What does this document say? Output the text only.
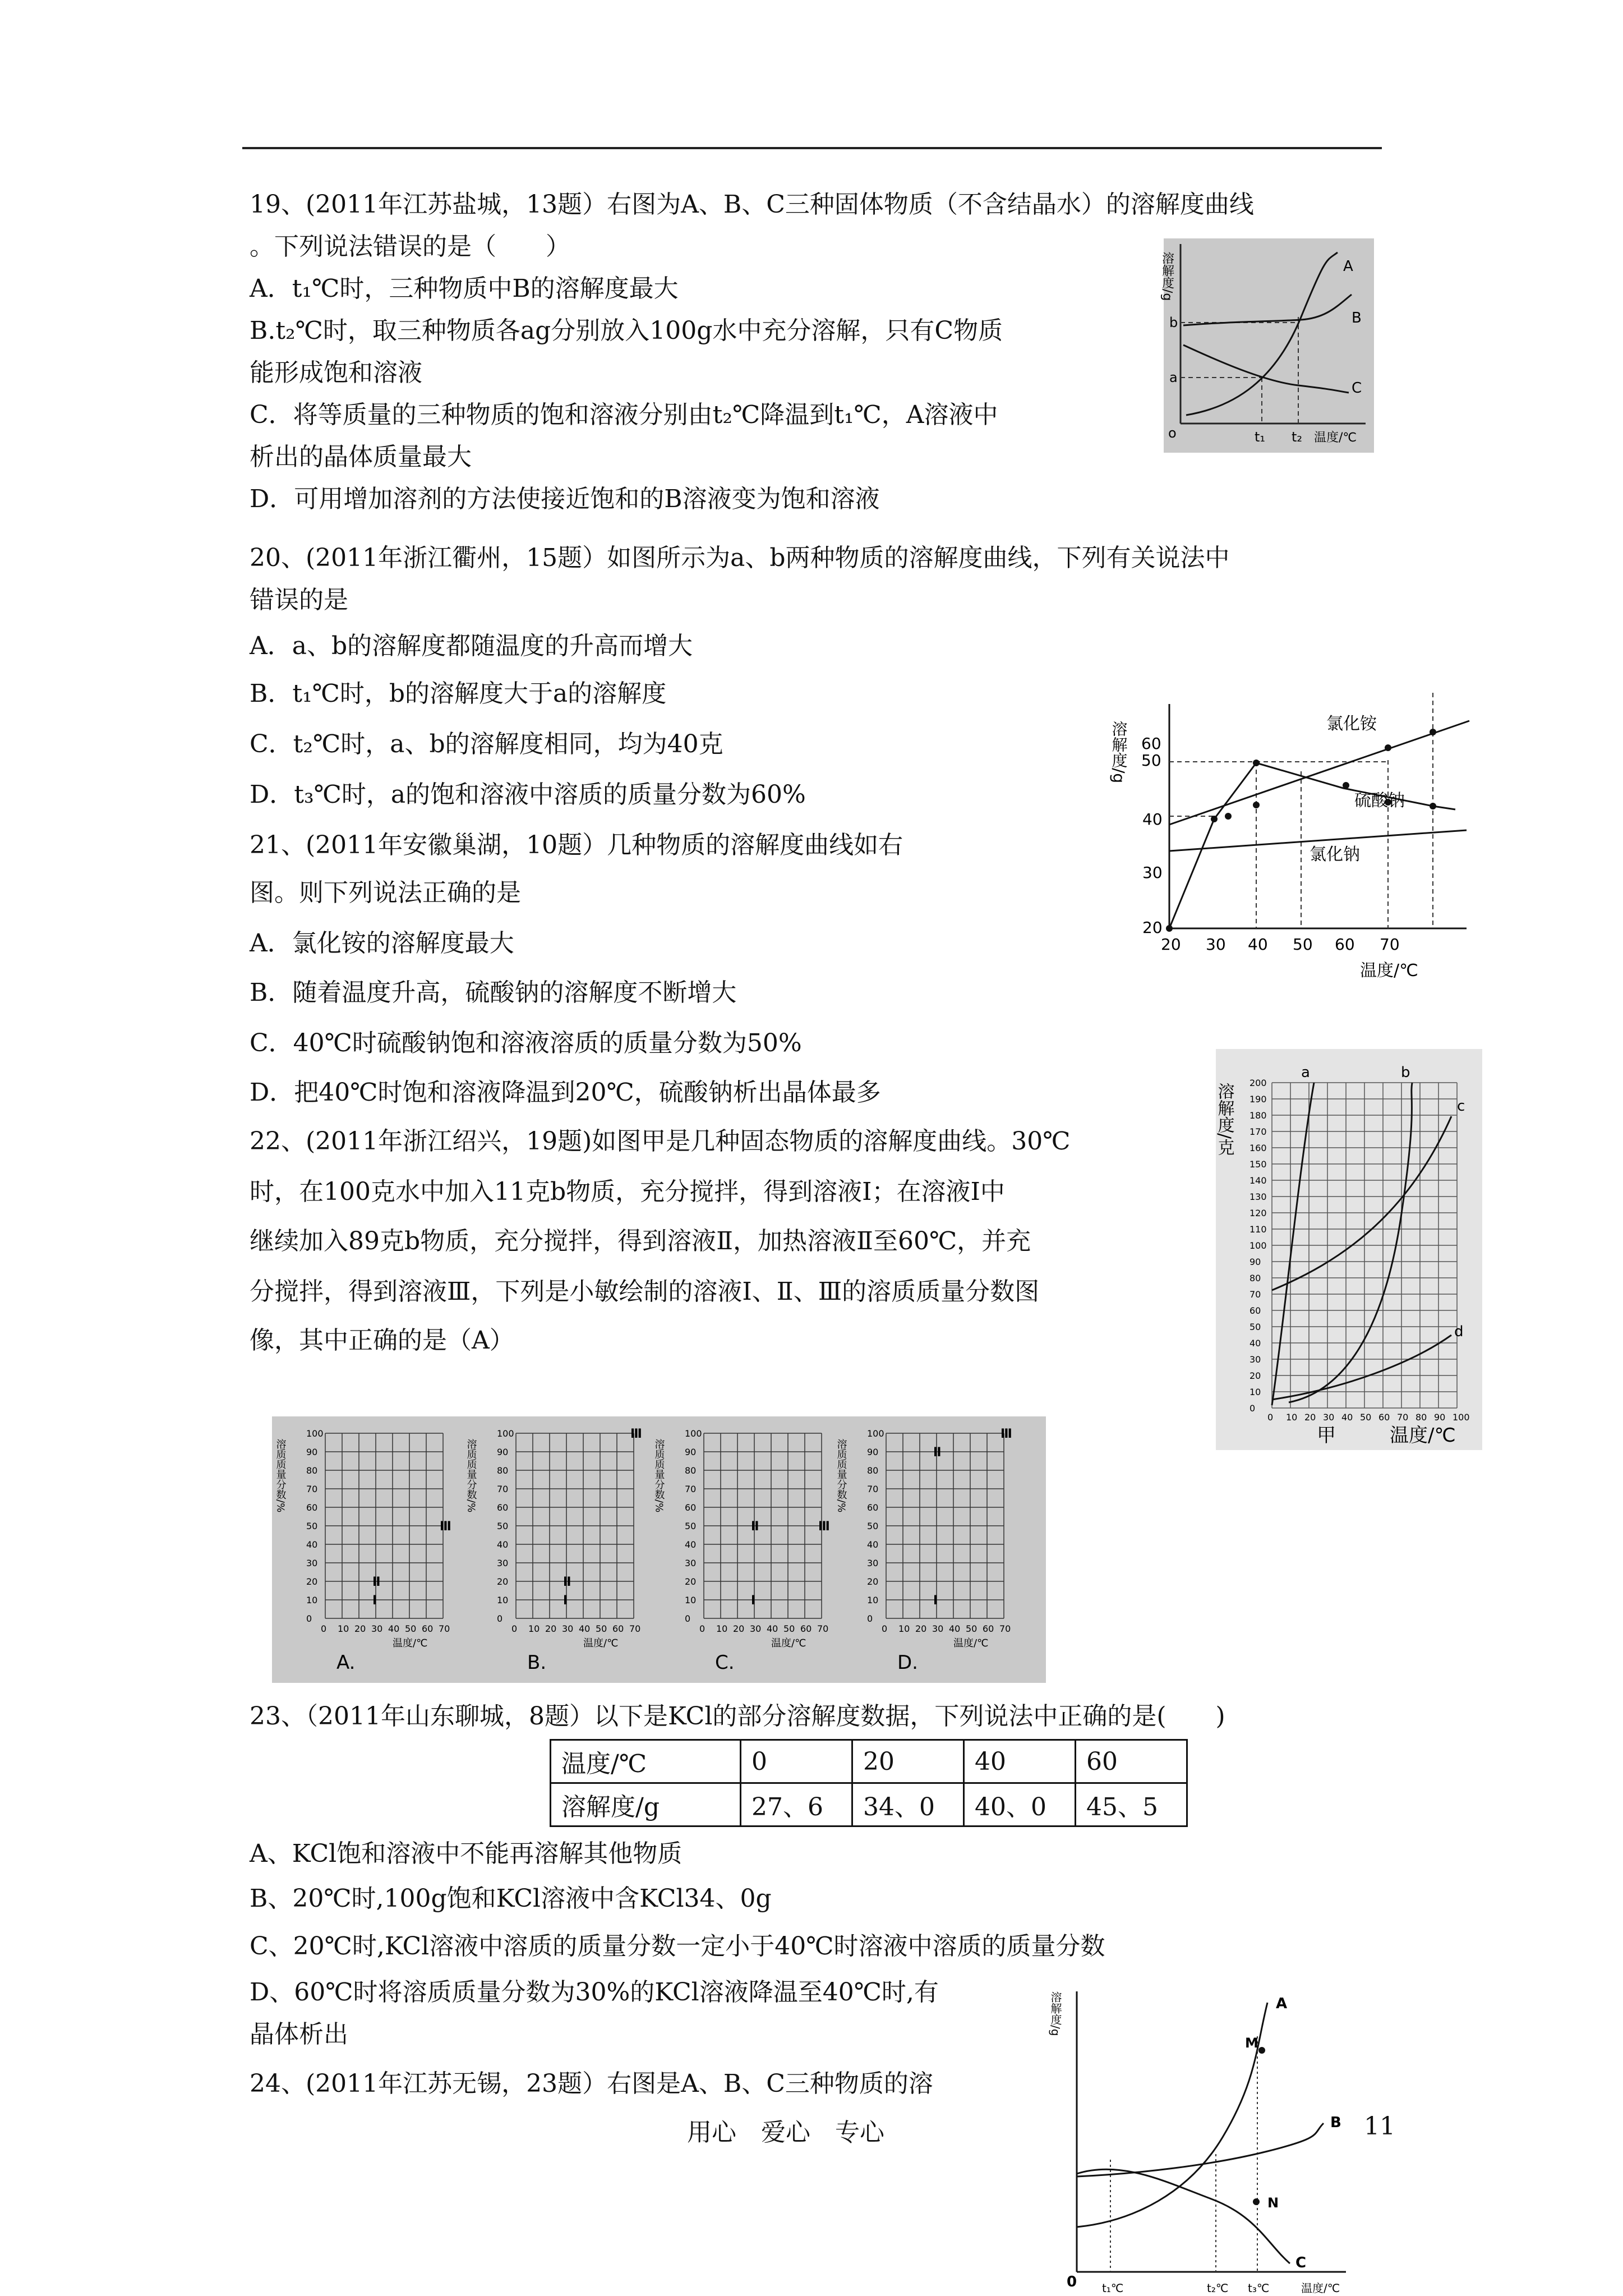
19、(2011年江苏盐城，13题）右图为A、B、C三种固体物质（不含结晶水）的溶解度曲线
。下列说法错误的是（　　）
A．t₁℃时，三种物质中B的溶解度最大
B.t₂℃时，取三种物质各ag分别放入100g水中充分溶解，只有C物质
能形成饱和溶液
C．将等质量的三种物质的饱和溶液分别由t₂℃降温到t₁℃，A溶液中
析出的晶体质量最大
D．可用增加溶剂的方法使接近饱和的B溶液变为饱和溶液
溶解度/g
b
a
o	t₁ t₂ 温度/℃
A
B
C
20、(2011年浙江衢州，15题）如图所示为a、b两种物质的溶解度曲线，下列有关说法中
错误的是
A．a、b的溶解度都随温度的升高而增大
B．t₁℃时，b的溶解度大于a的溶解度
C．t₂℃时，a、b的溶解度相同，均为40克
D．t₃℃时，a的饱和溶液中溶质的质量分数为60%
21、(2011年安徽巢湖，10题）几种物质的溶解度曲线如右
图。则下列说法正确的是
A．氯化铵的溶解度最大
B．随着温度升高，硫酸钠的溶解度不断增大
C．40℃时硫酸钠饱和溶液溶质的质量分数为50%
D．把40℃时饱和溶液降温到20℃，硫酸钠析出晶体最多
60
50
40
30
20
溶解度/g	氯化铵
硫酸钠
氯化钠
20 30 40 50 60 70
温度/℃
22、(2011年浙江绍兴，19题)如图甲是几种固态物质的溶解度曲线。30℃
时，在100克水中加入11克b物质，充分搅拌，得到溶液Ⅰ；在溶液Ⅰ中
继续加入89克b物质，充分搅拌，得到溶液Ⅱ，加热溶液Ⅱ至60℃，并充
分搅拌，得到溶液Ⅲ，下列是小敏绘制的溶液Ⅰ、Ⅱ、Ⅲ的溶质质量分数图
像，其中正确的是（A）
溶解度/克
0 10 20 30 40 50 60 70 80 90 100
200
190
180
170
160
150
140
130
120
110
100
90
80
70
60
50
40
30
20
10
0
a	b
c
d
甲	温度/℃
溶质质量分数/%
0 10 20 30 40 50 60 70
100
90
80
70
60
50
40
30
20
10
0
Ⅰ
Ⅱ
Ⅲ
温度/℃
A.
溶质质量分数/%
0 10 20 30 40 50 60 70
100
90
80
70
60
50
40
30
20
10
0
Ⅰ
Ⅱ
Ⅲ
温度/℃
B.
溶质质量分数/%
0 10 20 30 40 50 60 70
100
90
80
70
60
50
40
30
20
10
0
Ⅰ
Ⅱ	Ⅲ
温度/℃
C.
溶质质量分数/%
0 10 20 30 40 50 60 70
100
90
80
70
60
50
40
30
20
10
0
Ⅰ
Ⅱ
Ⅲ
温度/℃
D.
23、（2011年山东聊城，8题）以下是KCl的部分溶解度数据，下列说法中正确的是(　　)
温度/℃	0	20	40	60
溶解度/g	27、6	34、0	40、0	45、5
A、KCl饱和溶液中不能再溶解其他物质
B、20℃时,100g饱和KCl溶液中含KCl34、0g
C、20℃时,KCl溶液中溶质的质量分数一定小于40℃时溶液中溶质的质量分数
D、60℃时将溶质质量分数为30%的KCl溶液降温至40℃时,有
晶体析出
24、(2011年江苏无锡，23题）右图是A、B、C三种物质的溶
溶解度/g
M
N
A
B
C
0 t₁℃	t₂℃ t₃℃	温度/℃
用心　爱心　专心	11
